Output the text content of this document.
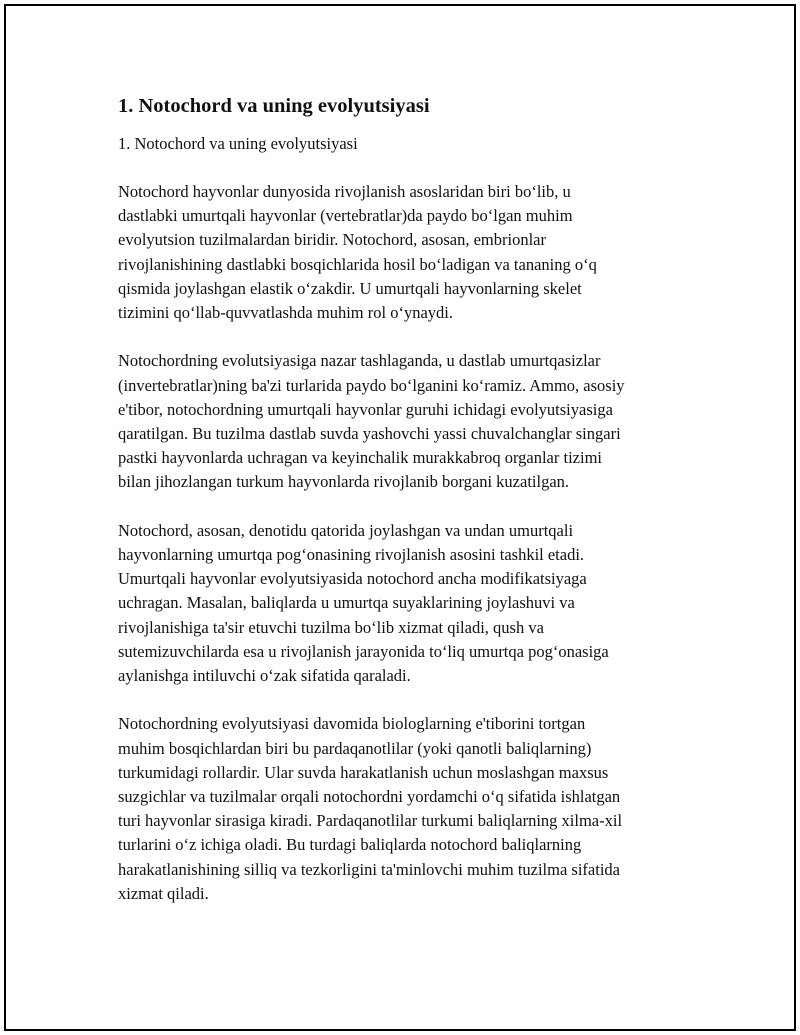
1. Notochord va uning evolyutsiyasi
1. Notochord va uning evolyutsiyasi
Notochord hayvonlar dunyosida rivojlanish asoslaridan biri bo‘lib, u
dastlabki umurtqali hayvonlar (vertebratlar)da paydo bo‘lgan muhim
evolyutsion tuzilmalardan biridir. Notochord, asosan, embrionlar
rivojlanishining dastlabki bosqichlarida hosil bo‘ladigan va tananing o‘q
qismida joylashgan elastik o‘zakdir. U umurtqali hayvonlarning skelet
tizimini qo‘llab-quvvatlashda muhim rol o‘ynaydi.
Notochordning evolutsiyasiga nazar tashlaganda, u dastlab umurtqasizlar
(invertebratlar)ning ba'zi turlarida paydo bo‘lganini ko‘ramiz. Ammo, asosiy
e'tibor, notochordning umurtqali hayvonlar guruhi ichidagi evolyutsiyasiga
qaratilgan. Bu tuzilma dastlab suvda yashovchi yassi chuvalchanglar singari
pastki hayvonlarda uchragan va keyinchalik murakkabroq organlar tizimi
bilan jihozlangan turkum hayvonlarda rivojlanib borgani kuzatilgan.
Notochord, asosan, denotidu qatorida joylashgan va undan umurtqali
hayvonlarning umurtqa pog‘onasining rivojlanish asosini tashkil etadi.
Umurtqali hayvonlar evolyutsiyasida notochord ancha modifikatsiyaga
uchragan. Masalan, baliqlarda u umurtqa suyaklarining joylashuvi va
rivojlanishiga ta'sir etuvchi tuzilma bo‘lib xizmat qiladi, qush va
sutemizuvchilarda esa u rivojlanish jarayonida to‘liq umurtqa pog‘onasiga
aylanishga intiluvchi o‘zak sifatida qaraladi.
Notochordning evolyutsiyasi davomida biologlarning e'tiborini tortgan
muhim bosqichlardan biri bu pardaqanotlilar (yoki qanotli baliqlarning)
turkumidagi rollardir. Ular suvda harakatlanish uchun moslashgan maxsus
suzgichlar va tuzilmalar orqali notochordni yordamchi o‘q sifatida ishlatgan
turi hayvonlar sirasiga kiradi. Pardaqanotlilar turkumi baliqlarning xilma-xil
turlarini o‘z ichiga oladi. Bu turdagi baliqlarda notochord baliqlarning
harakatlanishining silliq va tezkorligini ta'minlovchi muhim tuzilma sifatida
xizmat qiladi.
